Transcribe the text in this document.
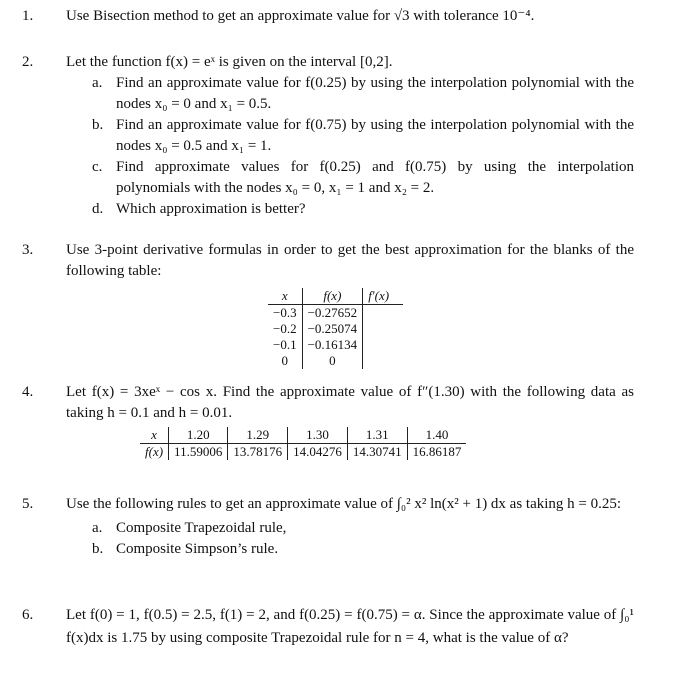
1. Use Bisection method to get an approximate value for √3 with tolerance 10⁻⁴.
2. Let the function f(x) = eˣ is given on the interval [0,2].
a. Find an approximate value for f(0.25) by using the interpolation polynomial with the nodes x₀ = 0 and x₁ = 0.5.
b. Find an approximate value for f(0.75) by using the interpolation polynomial with the nodes x₀ = 0.5 and x₁ = 1.
c. Find approximate values for f(0.25) and f(0.75) by using the interpolation polynomials with the nodes x₀ = 0, x₁ = 1 and x₂ = 2.
d. Which approximation is better?
3. Use 3-point derivative formulas in order to get the best approximation for the blanks of the following table:
x	f(x)	f′(x)
−0.3	−0.27652	
−0.2	−0.25074	
−0.1	−0.16134	
0	0	
4. Let f(x) = 3xeˣ − cos x. Find the approximate value of f″(1.30) with the following data as taking h = 0.1 and h = 0.01.
x	1.20	1.29	1.30	1.31	1.40
f(x)	11.59006	13.78176	14.04276	14.30741	16.86187
5. Use the following rules to get an approximate value of ∫₀² x² ln(x² + 1) dx as taking h = 0.25:
a. Composite Trapezoidal rule,
b. Composite Simpson’s rule.
6. Let f(0) = 1, f(0.5) = 2.5, f(1) = 2, and f(0.25) = f(0.75) = α. Since the approximate value of ∫₀¹ f(x)dx is 1.75 by using composite Trapezoidal rule for n = 4, what is the value of α?
